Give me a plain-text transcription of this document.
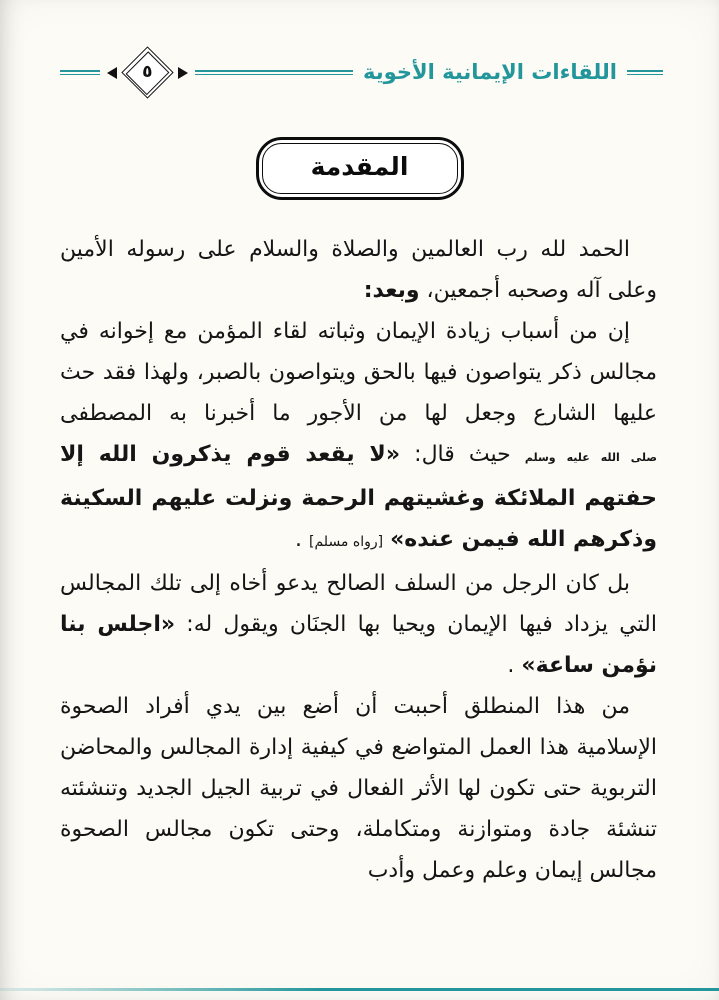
اللقاءات الإيمانية الأخوية
٥
المقدمة

الحمد لله رب العالمين والصلاة والسلام على رسوله الأمين وعلى آله وصحبه أجمعين، وبعد:

إن من أسباب زيادة الإيمان وثباته لقاء المؤمن مع إخوانه في مجالس ذكر يتواصون فيها بالحق ويتواصون بالصبر، ولهذا فقد حث عليها الشارع وجعل لها من الأجور ما أخبرنا به المصطفى صلى الله عليه وسلم حيث قال: «لا يقعد قوم يذكرون الله إلا حفتهم الملائكة وغشيتهم الرحمة ونزلت عليهم السكينة وذكرهم الله فيمن عنده» [رواه مسلم] .

بل كان الرجل من السلف الصالح يدعو أخاه إلى تلك المجالس التي يزداد فيها الإيمان ويحيا بها الجنَان ويقول له: «اجلس بنا نؤمن ساعة» .

من هذا المنطلق أحببت أن أضع بين يدي أفراد الصحوة الإسلامية هذا العمل المتواضع في كيفية إدارة المجالس والمحاضن التربوية حتى تكون لها الأثر الفعال في تربية الجيل الجديد وتنشئته تنشئة جادة ومتوازنة ومتكاملة، وحتى تكون مجالس الصحوة مجالس إيمان وعلم وعمل وأدب
